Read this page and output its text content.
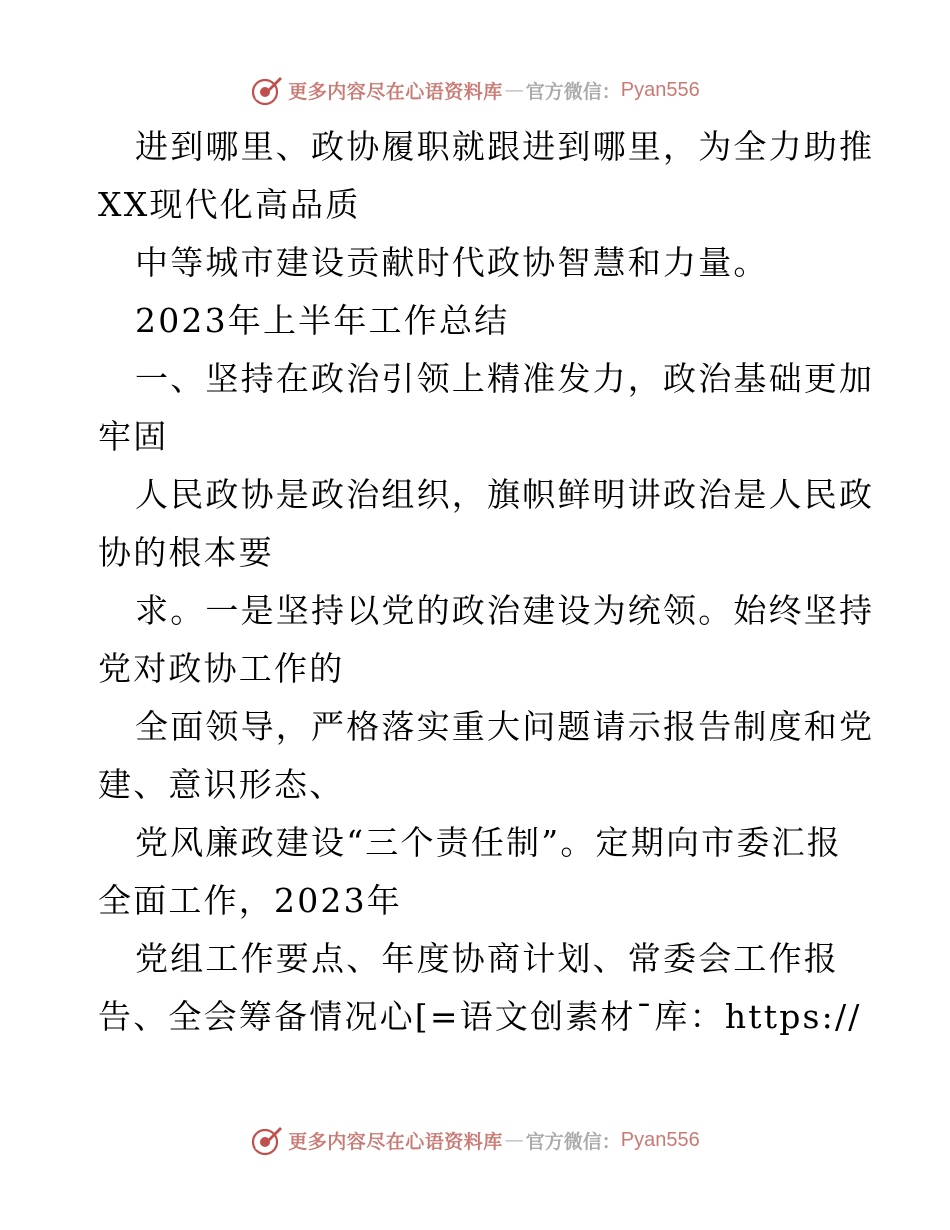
更多内容尽在心语资料库 — 官方微信： Pyan556
进到哪里、政协履职就跟进到哪里，为全力助推
XX现代化高品质
中等城市建设贡献时代政协智慧和力量。
2023年上半年工作总结
一、坚持在政治引领上精准发力，政治基础更加
牢固
人民政协是政治组织，旗帜鲜明讲政治是人民政
协的根本要
求。一是坚持以党的政治建设为统领。始终坚持
党对政协工作的
全面领导，严格落实重大问题请示报告制度和党
建、意识形态、
党风廉政建设“三个责任制”。定期向市委汇报
全面工作，2023年
党组工作要点、年度协商计划、常委会工作报
告、全会筹备情况心[=语文创素材¯库：https://
更多内容尽在心语资料库 — 官方微信： Pyan556
